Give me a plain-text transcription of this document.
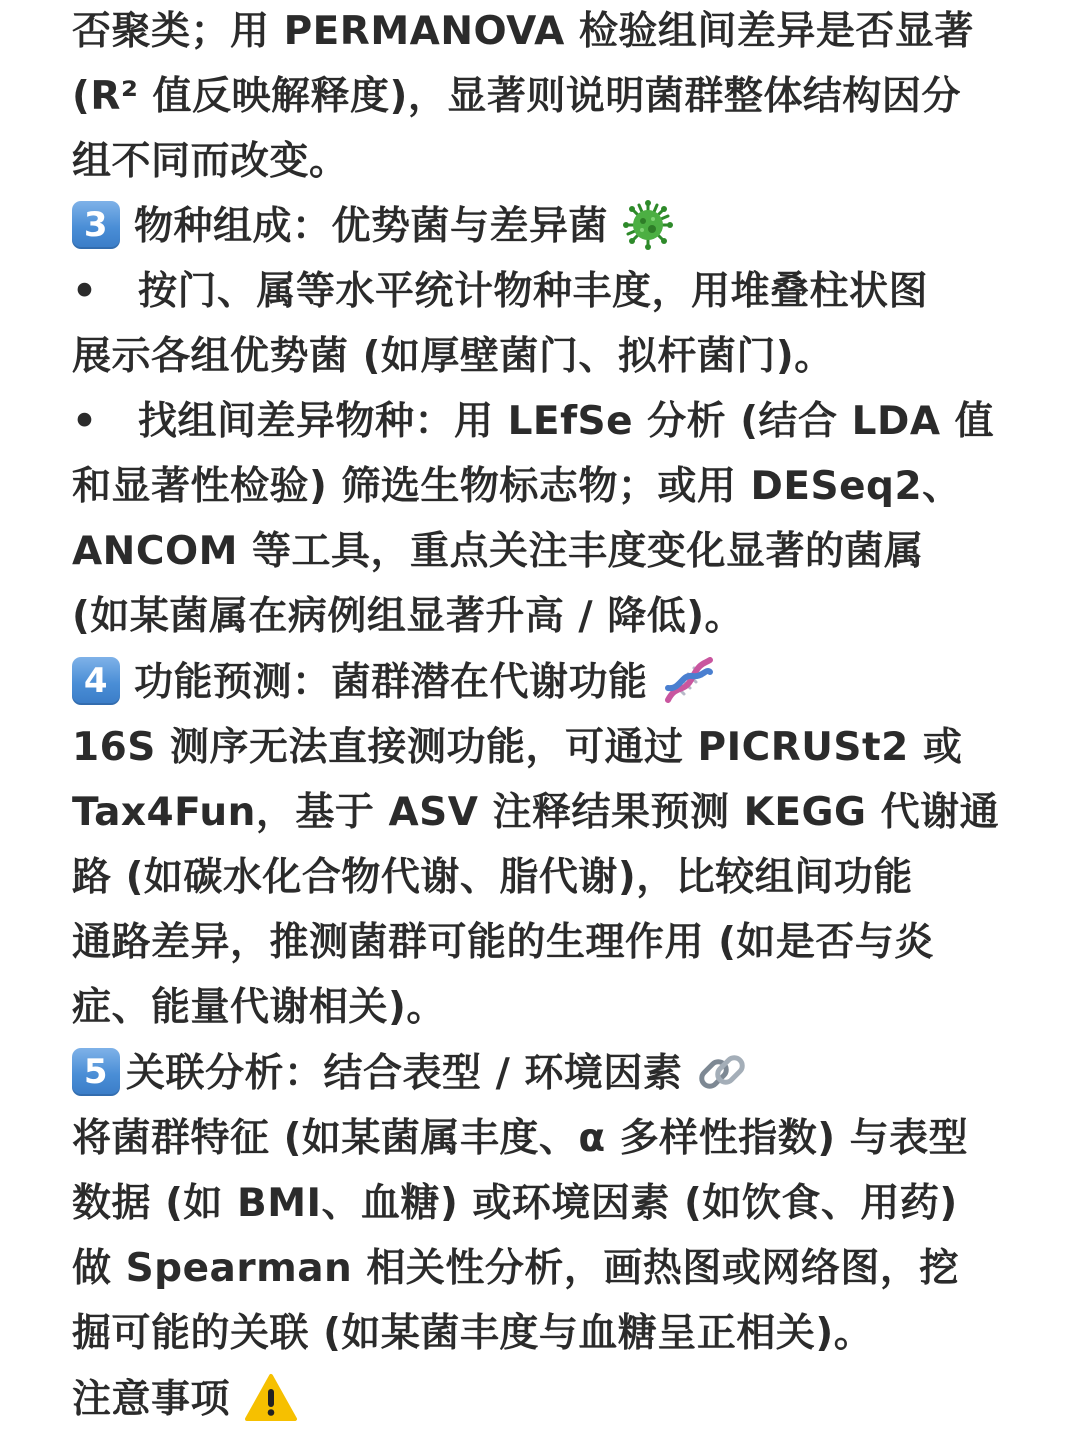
否聚类；用 PERMANOVA 检验组间差异是否显著
(R² 值反映解释度)，显著则说明菌群整体结构因分
组不同而改变。
3 物种组成：优势菌与差异菌
• 按门、属等水平统计物种丰度，用堆叠柱状图
展示各组优势菌 (如厚壁菌门、拟杆菌门)。
• 找组间差异物种：用 LEfSe 分析 (结合 LDA 值
和显著性检验) 筛选生物标志物；或用 DESeq2、
ANCOM 等工具，重点关注丰度变化显著的菌属
(如某菌属在病例组显著升高 / 降低)。
4 功能预测：菌群潜在代谢功能
16S 测序无法直接测功能，可通过 PICRUSt2 或
Tax4Fun，基于 ASV 注释结果预测 KEGG 代谢通
路 (如碳水化合物代谢、脂代谢)，比较组间功能
通路差异，推测菌群可能的生理作用 (如是否与炎
症、能量代谢相关)。
5 关联分析：结合表型 / 环境因素
将菌群特征 (如某菌属丰度、α 多样性指数) 与表型
数据 (如 BMI、血糖) 或环境因素 (如饮食、用药)
做 Spearman 相关性分析，画热图或网络图，挖
掘可能的关联 (如某菌丰度与血糖呈正相关)。
注意事项
